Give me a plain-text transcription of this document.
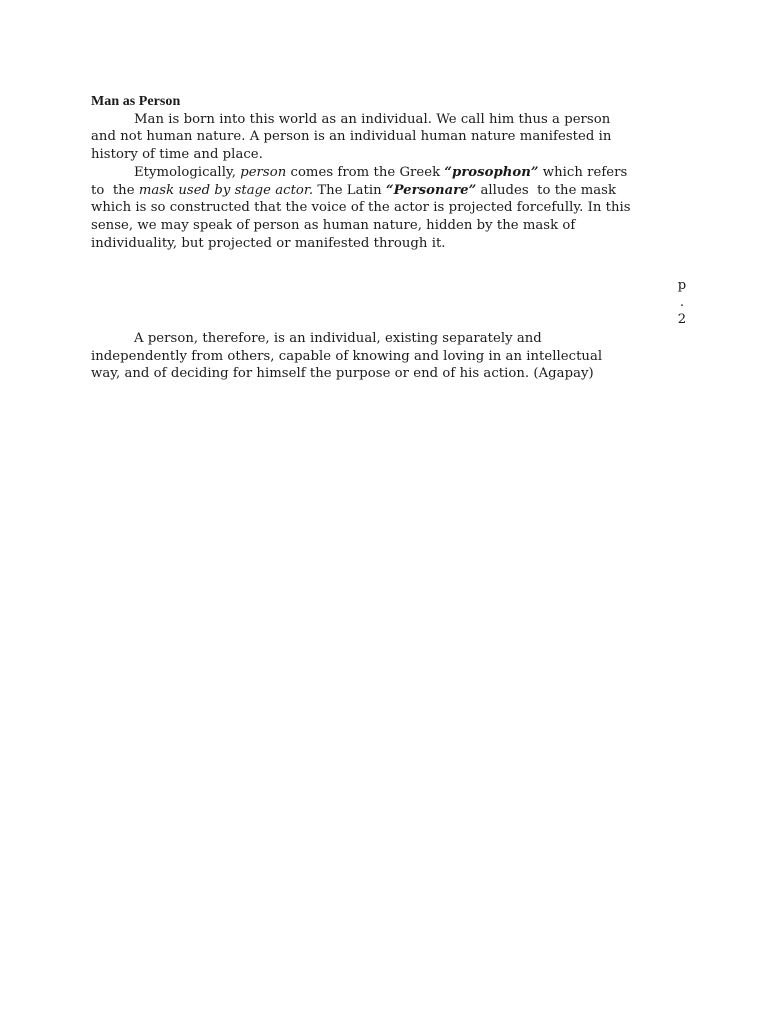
Man as Person
Man is born into this world as an individual. We call him thus a person
and not human nature. A person is an individual human nature manifested in
history of time and place.
Etymologically, person comes from the Greek “prosophon” which refers
to  the mask used by stage actor. The Latin “Personare” alludes  to the mask
which is so constructed that the voice of the actor is projected forcefully. In this
sense, we may speak of person as human nature, hidden by the mask of
individuality, but projected or manifested through it.
p
.
2
A person, therefore, is an individual, existing separately and
independently from others, capable of knowing and loving in an intellectual
way, and of deciding for himself the purpose or end of his action. (Agapay)
